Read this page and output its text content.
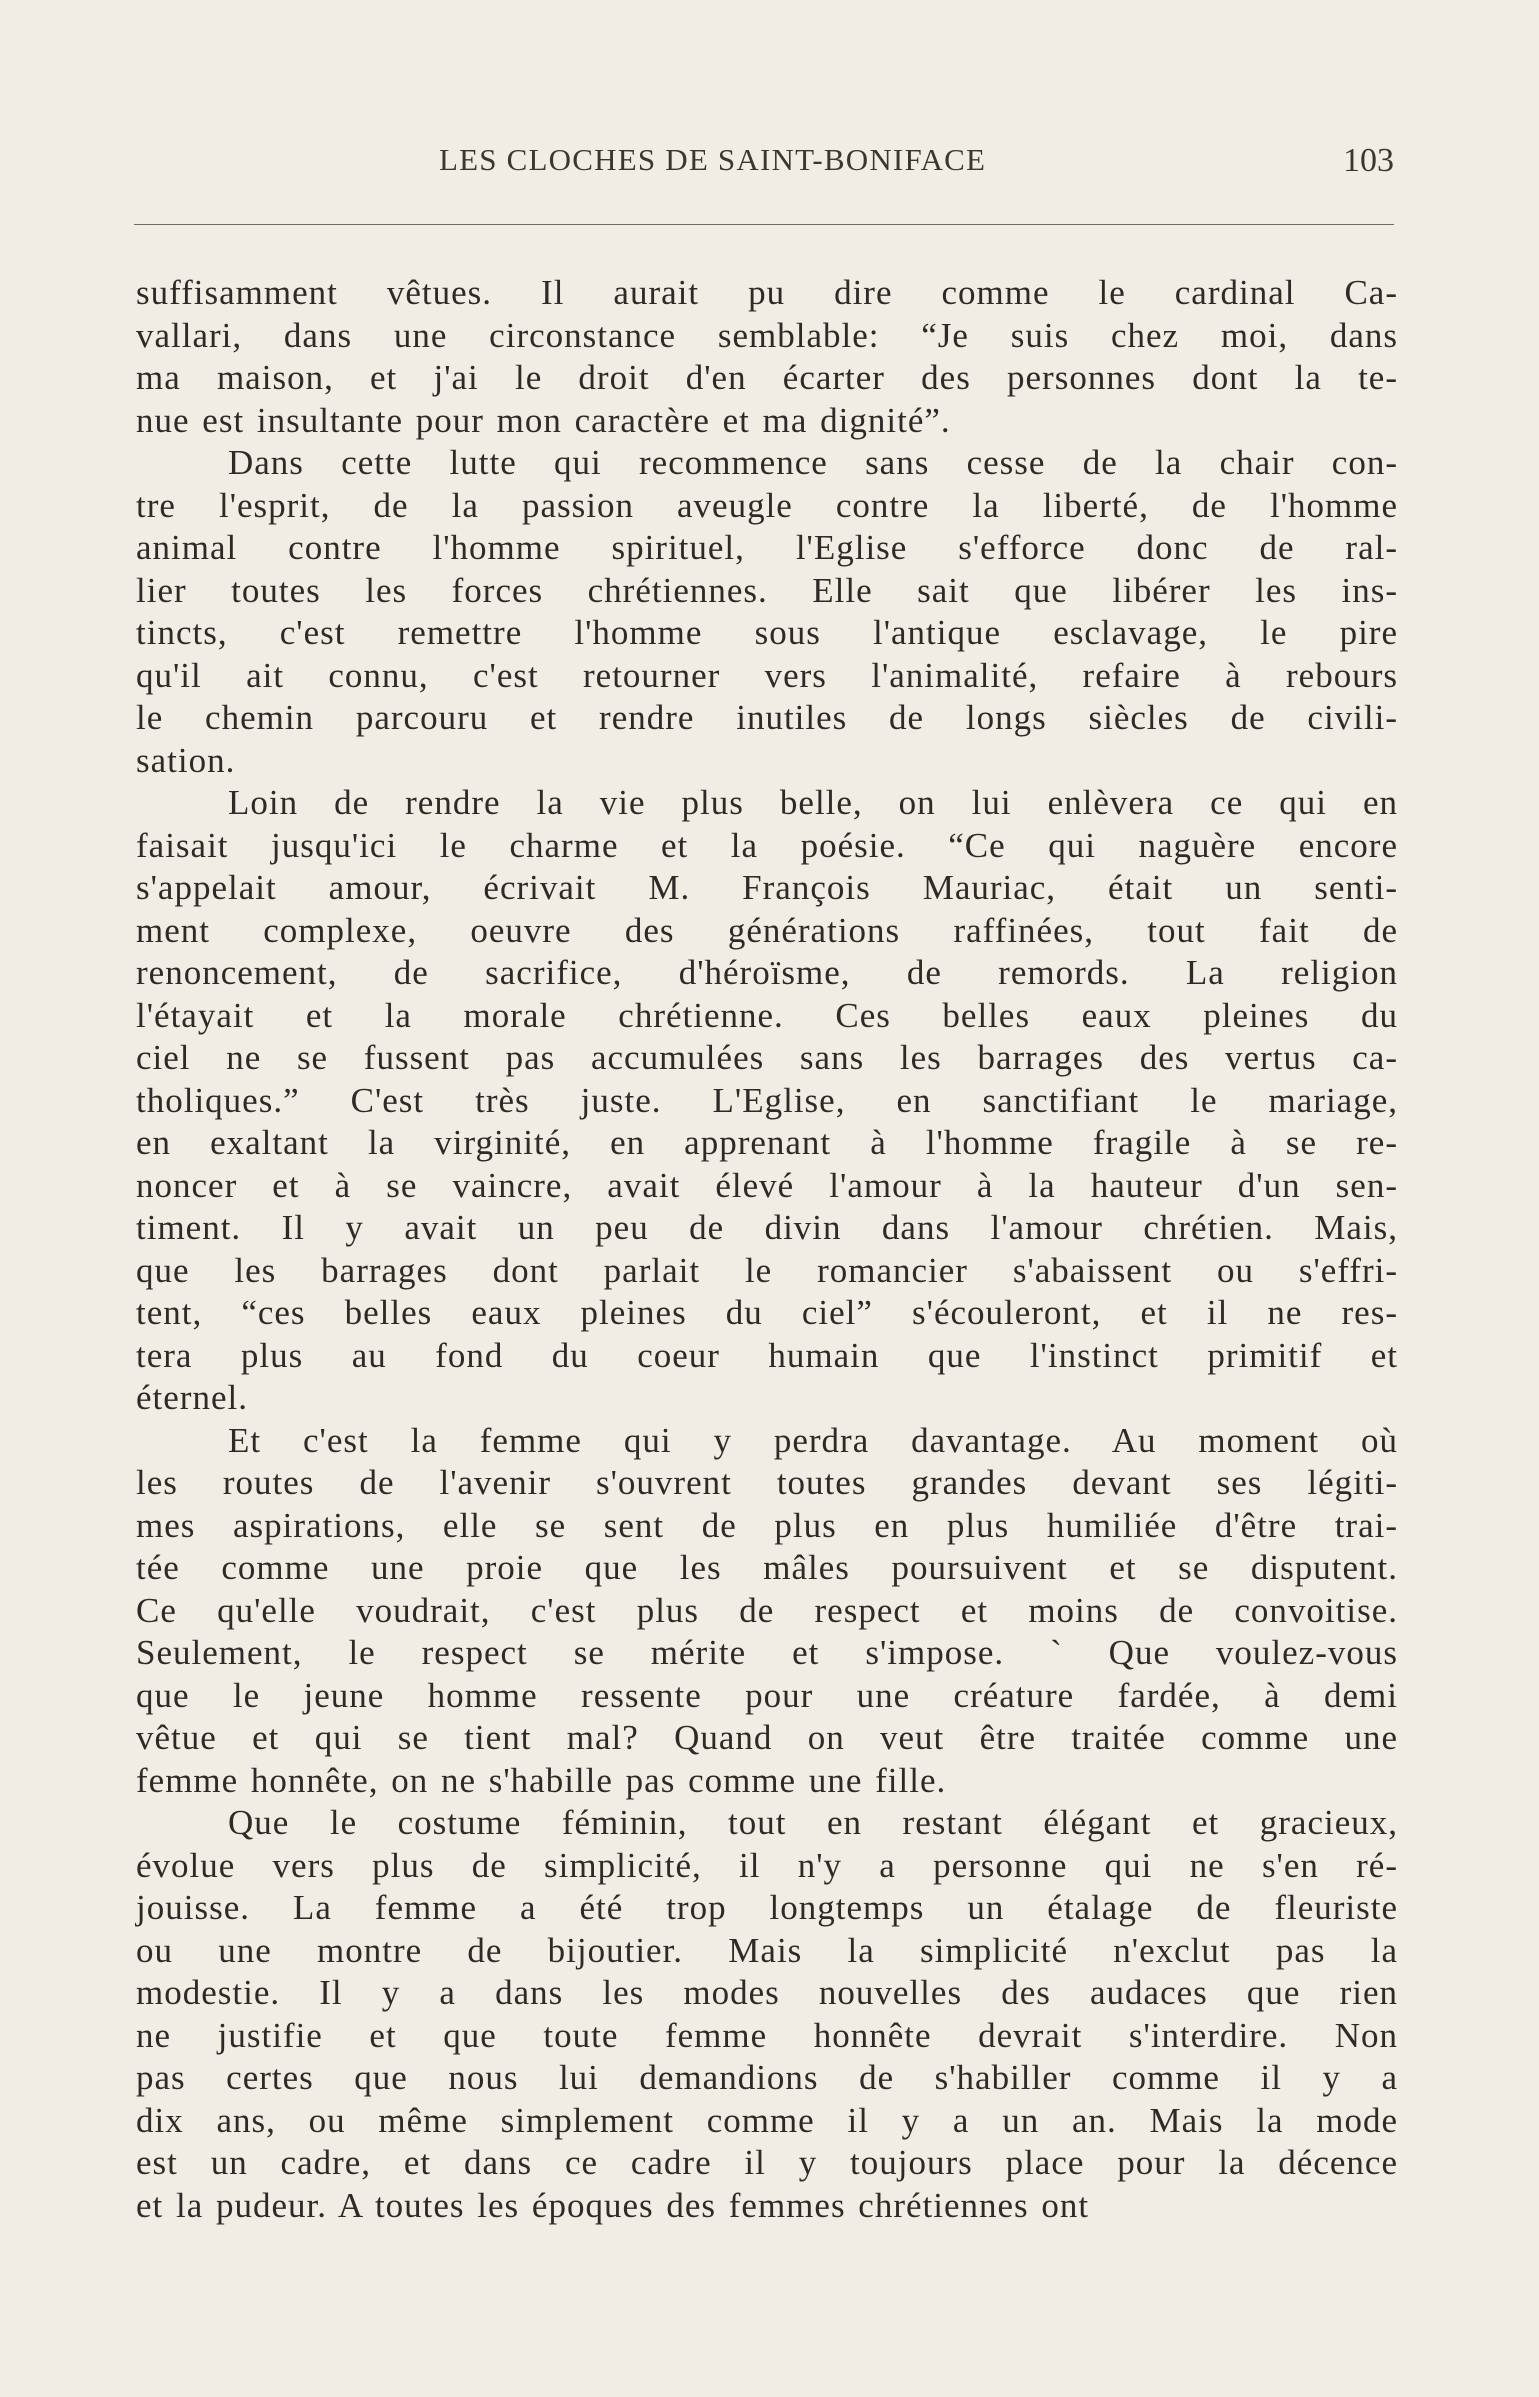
LES CLOCHES DE SAINT-BONIFACE	103

suffisamment vêtues. Il aurait pu dire comme le cardinal Ca-
vallari, dans une circonstance semblable: “Je suis chez moi, dans
ma maison, et j'ai le droit d'en écarter des personnes dont la te-
nue est insultante pour mon caractère et ma dignité”.

Dans cette lutte qui recommence sans cesse de la chair con-
tre l'esprit, de la passion aveugle contre la liberté, de l'homme
animal contre l'homme spirituel, l'Eglise s'efforce donc de ral-
lier toutes les forces chrétiennes. Elle sait que libérer les ins-
tincts, c'est remettre l'homme sous l'antique esclavage, le pire
qu'il ait connu, c'est retourner vers l'animalité, refaire à rebours
le chemin parcouru et rendre inutiles de longs siècles de civili-
sation.

Loin de rendre la vie plus belle, on lui enlèvera ce qui en
faisait jusqu'ici le charme et la poésie. “Ce qui naguère encore
s'appelait amour, écrivait M. François Mauriac, était un senti-
ment complexe, oeuvre des générations raffinées, tout fait de
renoncement, de sacrifice, d'héroïsme, de remords. La religion
l'étayait et la morale chrétienne. Ces belles eaux pleines du
ciel ne se fussent pas accumulées sans les barrages des vertus ca-
tholiques.” C'est très juste. L'Eglise, en sanctifiant le mariage,
en exaltant la virginité, en apprenant à l'homme fragile à se re-
noncer et à se vaincre, avait élevé l'amour à la hauteur d'un sen-
timent. Il y avait un peu de divin dans l'amour chrétien. Mais,
que les barrages dont parlait le romancier s'abaissent ou s'effri-
tent, “ces belles eaux pleines du ciel” s'écouleront, et il ne res-
tera plus au fond du coeur humain que l'instinct primitif et
éternel.

Et c'est la femme qui y perdra davantage. Au moment où
les routes de l'avenir s'ouvrent toutes grandes devant ses légiti-
mes aspirations, elle se sent de plus en plus humiliée d'être trai-
tée comme une proie que les mâles poursuivent et se disputent.
Ce qu'elle voudrait, c'est plus de respect et moins de convoitise.
Seulement, le respect se mérite et s'impose. ` Que voulez-vous
que le jeune homme ressente pour une créature fardée, à demi
vêtue et qui se tient mal? Quand on veut être traitée comme une
femme honnête, on ne s'habille pas comme une fille.

Que le costume féminin, tout en restant élégant et gracieux,
évolue vers plus de simplicité, il n'y a personne qui ne s'en ré-
jouisse. La femme a été trop longtemps un étalage de fleuriste
ou une montre de bijoutier. Mais la simplicité n'exclut pas la
modestie. Il y a dans les modes nouvelles des audaces que rien
ne justifie et que toute femme honnête devrait s'interdire. Non
pas certes que nous lui demandions de s'habiller comme il y a
dix ans, ou même simplement comme il y a un an. Mais la mode
est un cadre, et dans ce cadre il y toujours place pour la décence
et la pudeur. A toutes les époques des femmes chrétiennes ont
